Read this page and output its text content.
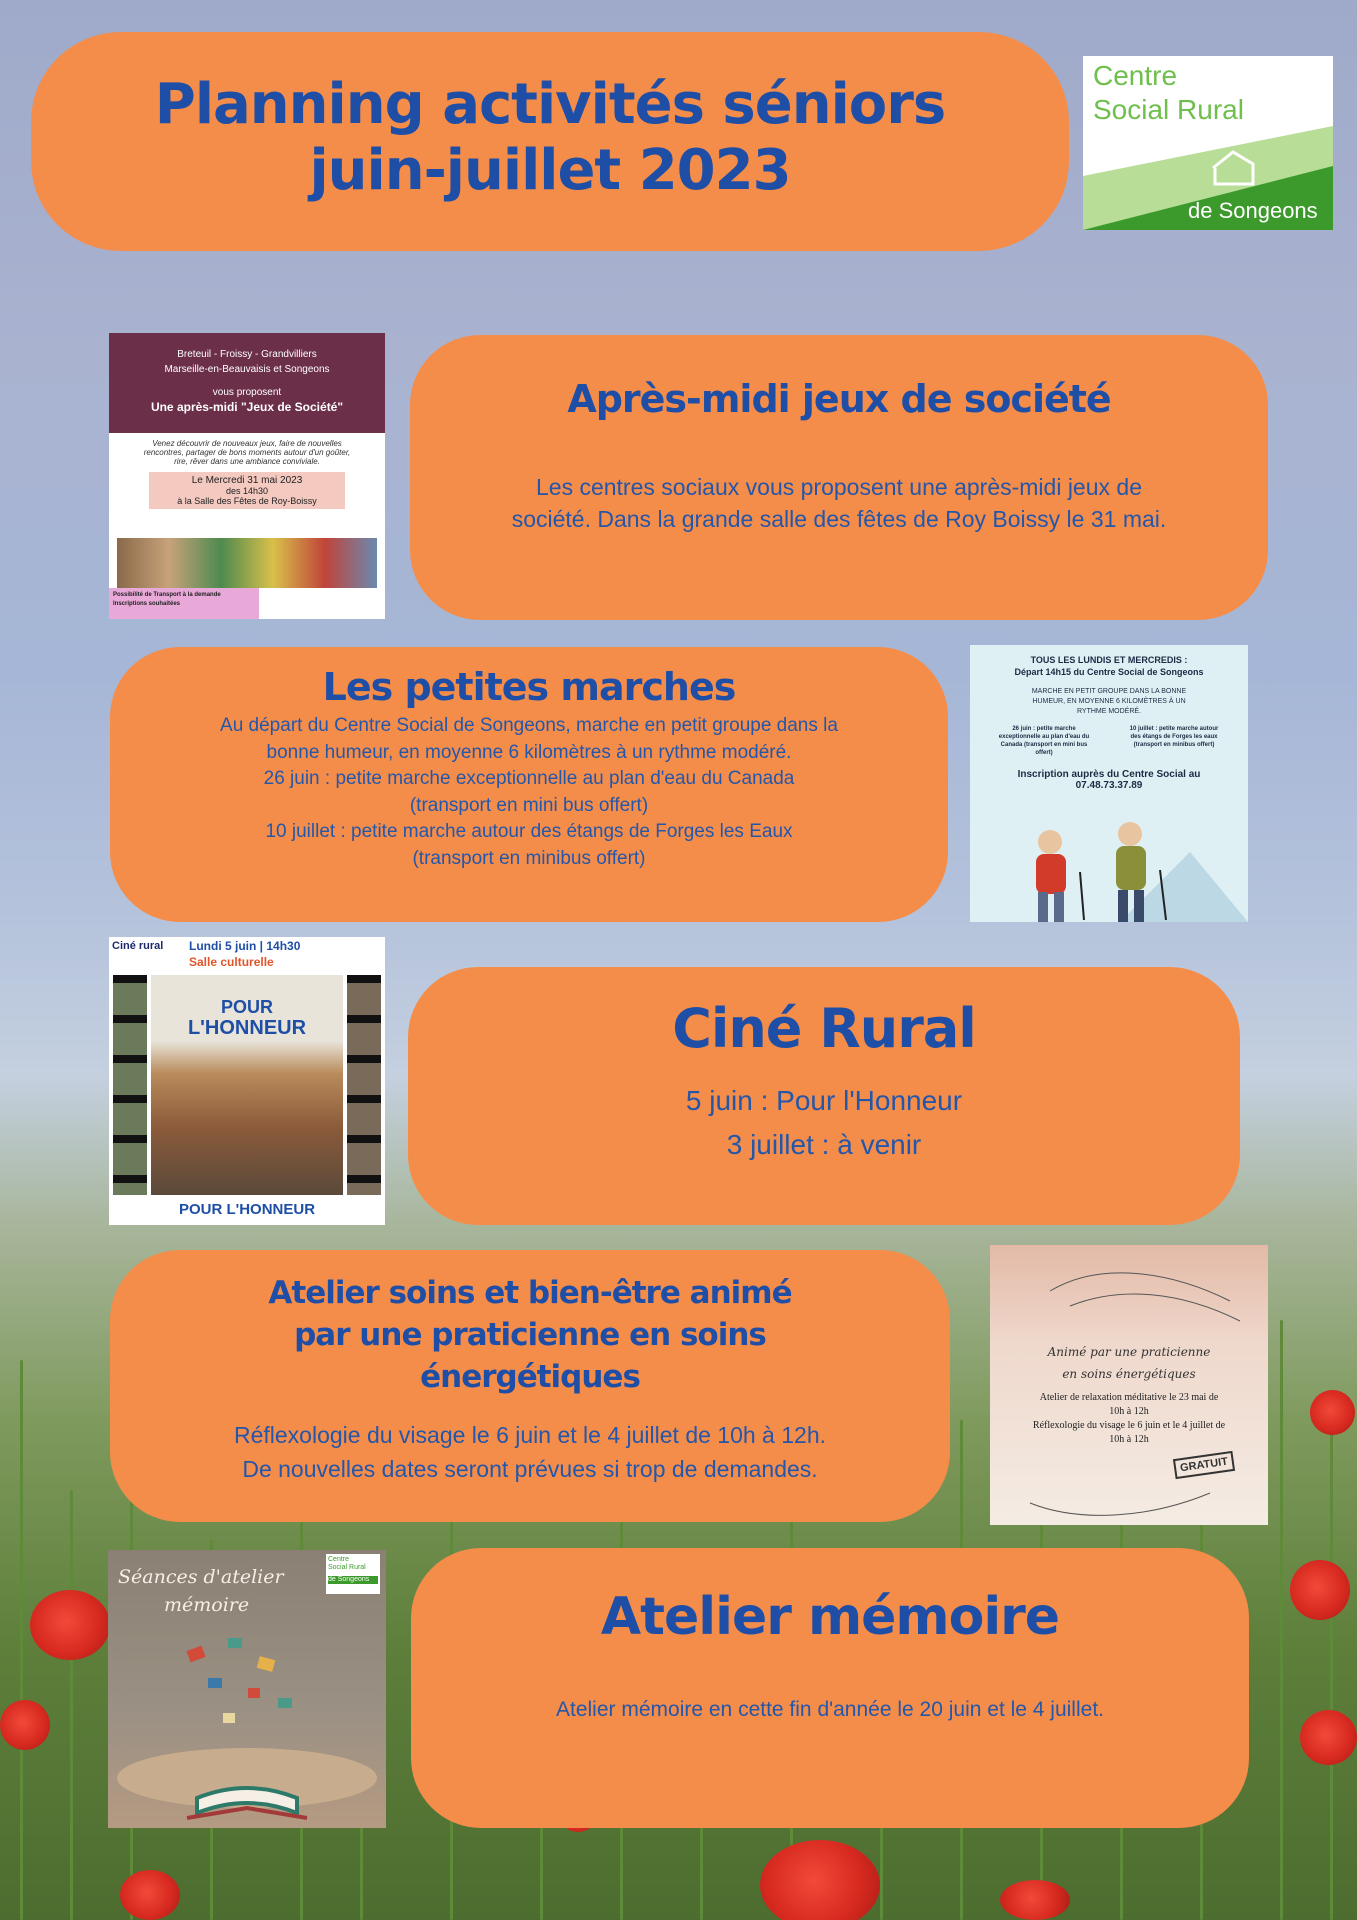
Planning activités séniors
juin-juillet 2023
Centre
Social Rural
de Songeons
Breteuil - Froissy - Grandvilliers
Marseille-en-Beauvaisis et Songeons
vous proposent
Une après-midi "Jeux de Société"
Venez découvrir de nouveaux jeux, faire de nouvelles
rencontres, partager de bons moments autour d'un goûter,
rire, rêver dans une ambiance conviviale.
Le Mercredi 31 mai 2023
des 14h30
à la Salle des Fêtes de Roy-Boissy
Possibilité de Transport à la demande
Inscriptions souhaitées
Après-midi jeux de société
Les centres sociaux vous proposent une après-midi jeux de
société. Dans la grande salle des fêtes de Roy Boissy le 31 mai.
Les petites marches
Au départ du Centre Social de Songeons, marche en petit groupe dans la
bonne humeur, en moyenne 6 kilomètres à un rythme modéré.
26 juin : petite marche exceptionnelle au plan d'eau du Canada
(transport en mini bus offert)
10 juillet : petite marche autour des étangs de Forges les Eaux
(transport en minibus offert)
TOUS LES LUNDIS ET MERCREDIS :
Départ 14h15 du Centre Social de Songeons
MARCHE EN PETIT GROUPE DANS LA BONNE
HUMEUR, EN MOYENNE 6 KILOMÈTRES À UN
RYTHME MODÉRÉ.
26 juin : petite marche exceptionnelle au plan d'eau du Canada (transport en mini bus offert)
10 juillet : petite marche autour des étangs de Forges les eaux (transport en minibus offert)
Inscription auprès du Centre Social au
07.48.73.37.89
Ciné rural Lundi 5 juin | 14h30
Salle culturelle
POUR
L'HONNEUR
POUR L'HONNEUR
Ciné Rural
5 juin : Pour l'Honneur
3 juillet : à venir
Atelier soins et bien-être animé
par une praticienne en soins
énergétiques
Réflexologie du visage le 6 juin et le 4 juillet de 10h à 12h.
De nouvelles dates seront prévues si trop de demandes.
Animé par une praticienne
en soins énergétiques
Atelier de relaxation méditative le 23 mai de
10h à 12h
Réflexologie du visage le 6 juin et le 4 juillet de
10h à 12h
GRATUIT
Séances d'atelier
mémoire
Centre
Social Rural
de Songeons
Atelier mémoire
Atelier mémoire en cette fin d'année le 20 juin et le 4 juillet.
